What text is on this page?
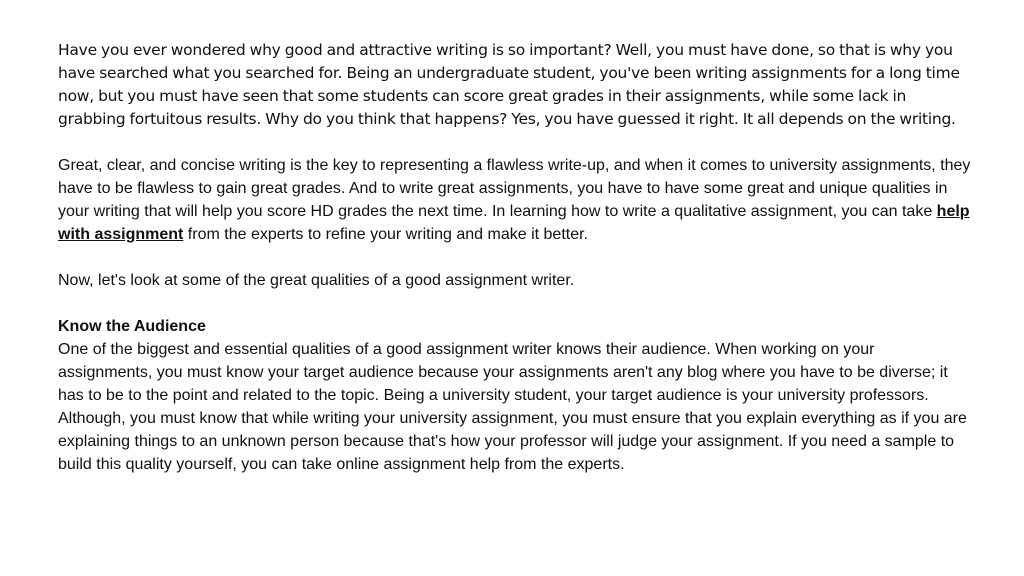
Have you ever wondered why good and attractive writing is so important? Well, you must have done, so that is why you have searched what you searched for. Being an undergraduate student, you've been writing assignments for a long time now, but you must have seen that some students can score great grades in their assignments, while some lack in grabbing fortuitous results. Why do you think that happens? Yes, you have guessed it right. It all depends on the writing.

Great, clear, and concise writing is the key to representing a flawless write-up, and when it comes to university assignments, they have to be flawless to gain great grades. And to write great assignments, you have to have some great and unique qualities in your writing that will help you score HD grades the next time. In learning how to write a qualitative assignment, you can take help with assignment from the experts to refine your writing and make it better.

Now, let's look at some of the great qualities of a good assignment writer.

Know the Audience

One of the biggest and essential qualities of a good assignment writer knows their audience. When working on your assignments, you must know your target audience because your assignments aren't any blog where you have to be diverse; it has to be to the point and related to the topic. Being a university student, your target audience is your university professors. Although, you must know that while writing your university assignment, you must ensure that you explain everything as if you are explaining things to an unknown person because that's how your professor will judge your assignment. If you need a sample to build this quality yourself, you can take online assignment help from the experts.
